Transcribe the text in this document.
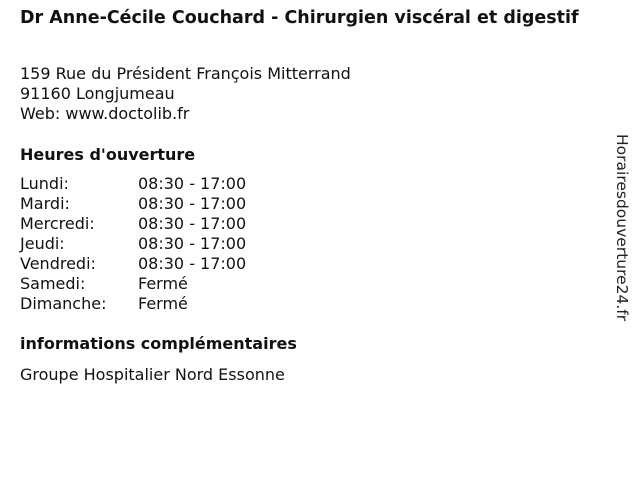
Dr Anne-Cécile Couchard - Chirurgien viscéral et digestif
159 Rue du Président François Mitterrand
91160 Longjumeau
Web: www.doctolib.fr
Heures d'ouverture
Lundi:	08:30 - 17:00
Mardi:	08:30 - 17:00
Mercredi:	08:30 - 17:00
Jeudi:	08:30 - 17:00
Vendredi:	08:30 - 17:00
Samedi:	Fermé
Dimanche:	Fermé
informations complémentaires
Groupe Hospitalier Nord Essonne
Horairesdouverture24.fr
